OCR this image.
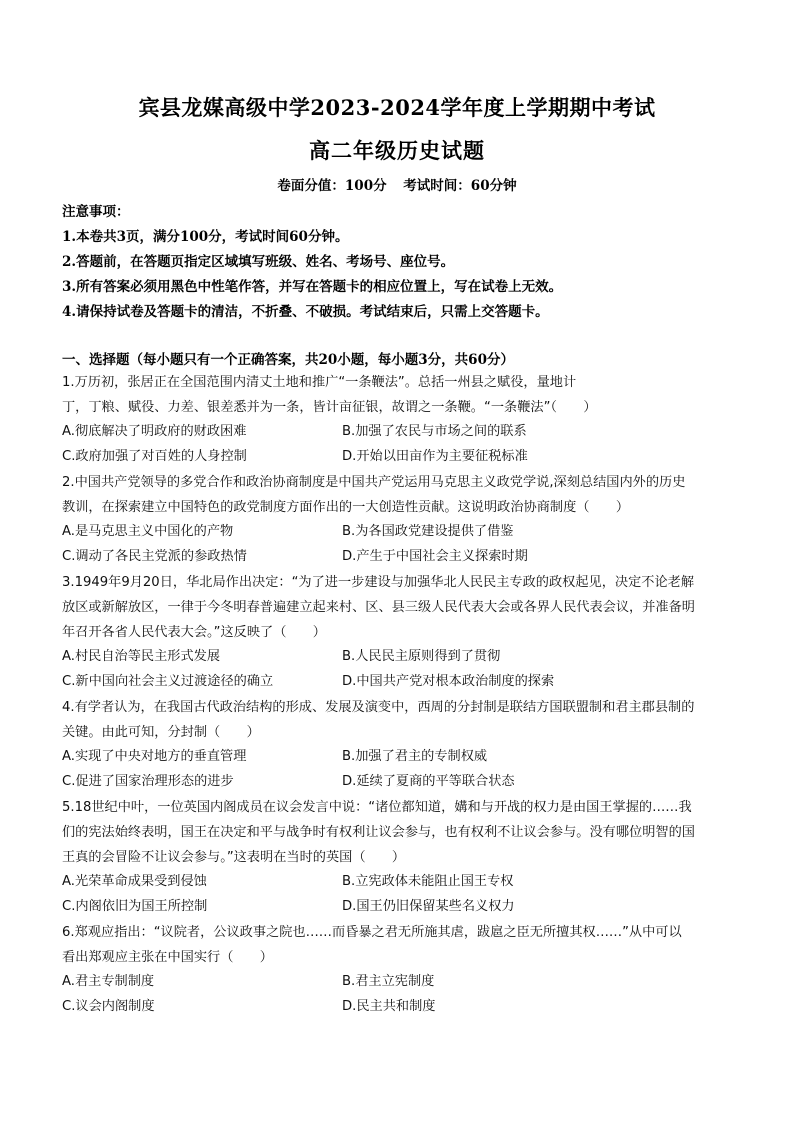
宾县龙媒高级中学2023-2024学年度上学期期中考试
高二年级历史试题
卷面分值：100分 考试时间：60分钟
注意事项：
1.本卷共3页，满分100分，考试时间60分钟。
2.答题前，在答题页指定区域填写班级、姓名、考场号、座位号。
3.所有答案必须用黑色中性笔作答，并写在答题卡的相应位置上，写在试卷上无效。
4.请保持试卷及答题卡的清洁，不折叠、不破损。考试结束后，只需上交答题卡。
一、选择题（每小题只有一个正确答案，共20小题，每小题3分，共60分）
1.万历初，张居正在全国范围内清丈土地和推广“一条鞭法”。总括一州县之赋役，量地计
丁，丁粮、赋役、力差、银差悉并为一条，皆计亩征银，故谓之一条鞭。“一条鞭法”（　　）
A.彻底解决了明政府的财政困难	B.加强了农民与市场之间的联系
C.政府加强了对百姓的人身控制	D.开始以田亩作为主要征税标准
2.中国共产党领导的多党合作和政治协商制度是中国共产党运用马克思主义政党学说,深刻总结国内外的历史
教训，在探索建立中国特色的政党制度方面作出的一大创造性贡献。这说明政治协商制度（　　）
A.是马克思主义中国化的产物	B.为各国政党建设提供了借鉴
C.调动了各民主党派的参政热情	D.产生于中国社会主义探索时期
3.1949年9月20日，华北局作出决定：“为了进一步建设与加强华北人民民主专政的政权起见，决定不论老解
放区或新解放区，一律于今冬明春普遍建立起来村、区、县三级人民代表大会或各界人民代表会议，并准备明
年召开各省人民代表大会。”这反映了（　　）
A.村民自治等民主形式发展	B.人民民主原则得到了贯彻
C.新中国向社会主义过渡途径的确立	D.中国共产党对根本政治制度的探索
4.有学者认为，在我国古代政治结构的形成、发展及演变中，西周的分封制是联结方国联盟制和君主郡县制的
关键。由此可知，分封制（　　）
A.实现了中央对地方的垂直管理	B.加强了君主的专制权威
C.促进了国家治理形态的进步	D.延续了夏商的平等联合状态
5.18世纪中叶，一位英国内阁成员在议会发言中说：“诸位都知道，媾和与开战的权力是由国王掌握的……我
们的宪法始终表明，国王在决定和平与战争时有权利让议会参与，也有权利不让议会参与。没有哪位明智的国
王真的会冒险不让议会参与。”这表明在当时的英国（　　）
A.光荣革命成果受到侵蚀	B.立宪政体未能阻止国王专权
C.内阁依旧为国王所控制	D.国王仍旧保留某些名义权力
6.郑观应指出：“议院者，公议政事之院也……而昏暴之君无所施其虐，跋扈之臣无所擅其权……”从中可以
看出郑观应主张在中国实行（　　）
A.君主专制制度	B.君主立宪制度
C.议会内阁制度	D.民主共和制度
